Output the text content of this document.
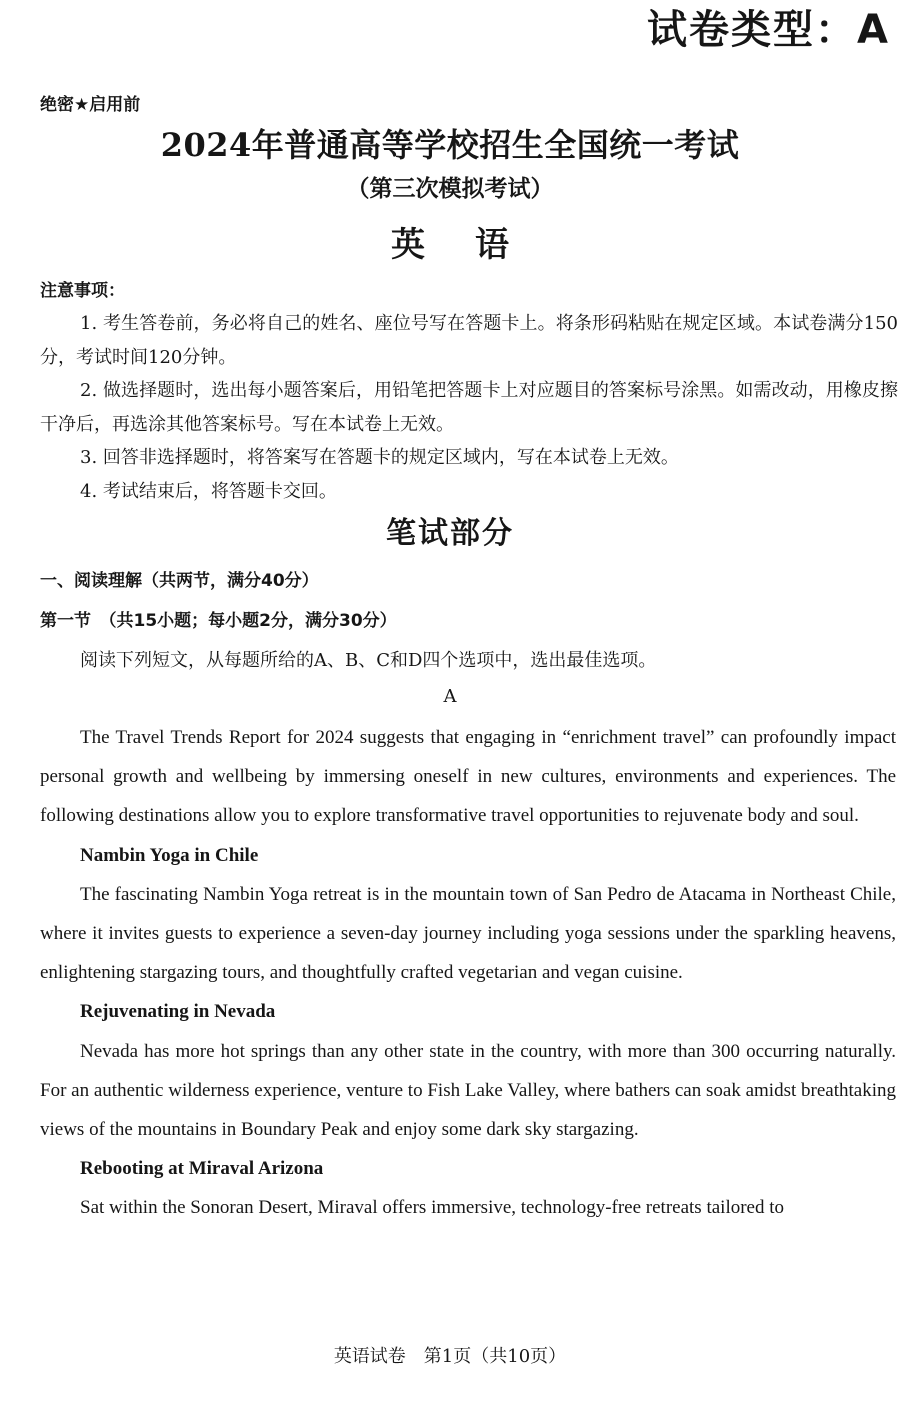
试卷类型：A
绝密★启用前
2024年普通高等学校招生全国统一考试
（第三次模拟考试）
英语
注意事项：

1. 考生答卷前，务必将自己的姓名、座位号写在答题卡上。将条形码粘贴在规定区域。本试卷满分150分，考试时间120分钟。

2. 做选择题时，选出每小题答案后，用铅笔把答题卡上对应题目的答案标号涂黑。如需改动，用橡皮擦干净后，再选涂其他答案标号。写在本试卷上无效。

3. 回答非选择题时，将答案写在答题卡的规定区域内，写在本试卷上无效。

4. 考试结束后，将答题卡交回。

笔试部分
一、阅读理解（共两节，满分40分）
第一节　（共15小题；每小题2分，满分30分）
阅读下列短文，从每题所给的A、B、C和D四个选项中，选出最佳选项。
A

The Travel Trends Report for 2024 suggests that engaging in “enrichment travel” can profoundly impact personal growth and wellbeing by immersing oneself in new cultures, environments and experiences. The following destinations allow you to explore transformative travel opportunities to rejuvenate body and soul.

Nambin Yoga in Chile

The fascinating Nambin Yoga retreat is in the mountain town of San Pedro de Atacama in Northeast Chile, where it invites guests to experience a seven-day journey including yoga sessions under the sparkling heavens, enlightening stargazing tours, and thoughtfully crafted vegetarian and vegan cuisine.

Rejuvenating in Nevada

Nevada has more hot springs than any other state in the country, with more than 300 occurring naturally. For an authentic wilderness experience, venture to Fish Lake Valley, where bathers can soak amidst breathtaking views of the mountains in Boundary Peak and enjoy some dark sky stargazing.

Rebooting at Miraval Arizona

Sat within the Sonoran Desert, Miraval offers immersive, technology-free retreats tailored to

英语试卷　第1页（共10页）
